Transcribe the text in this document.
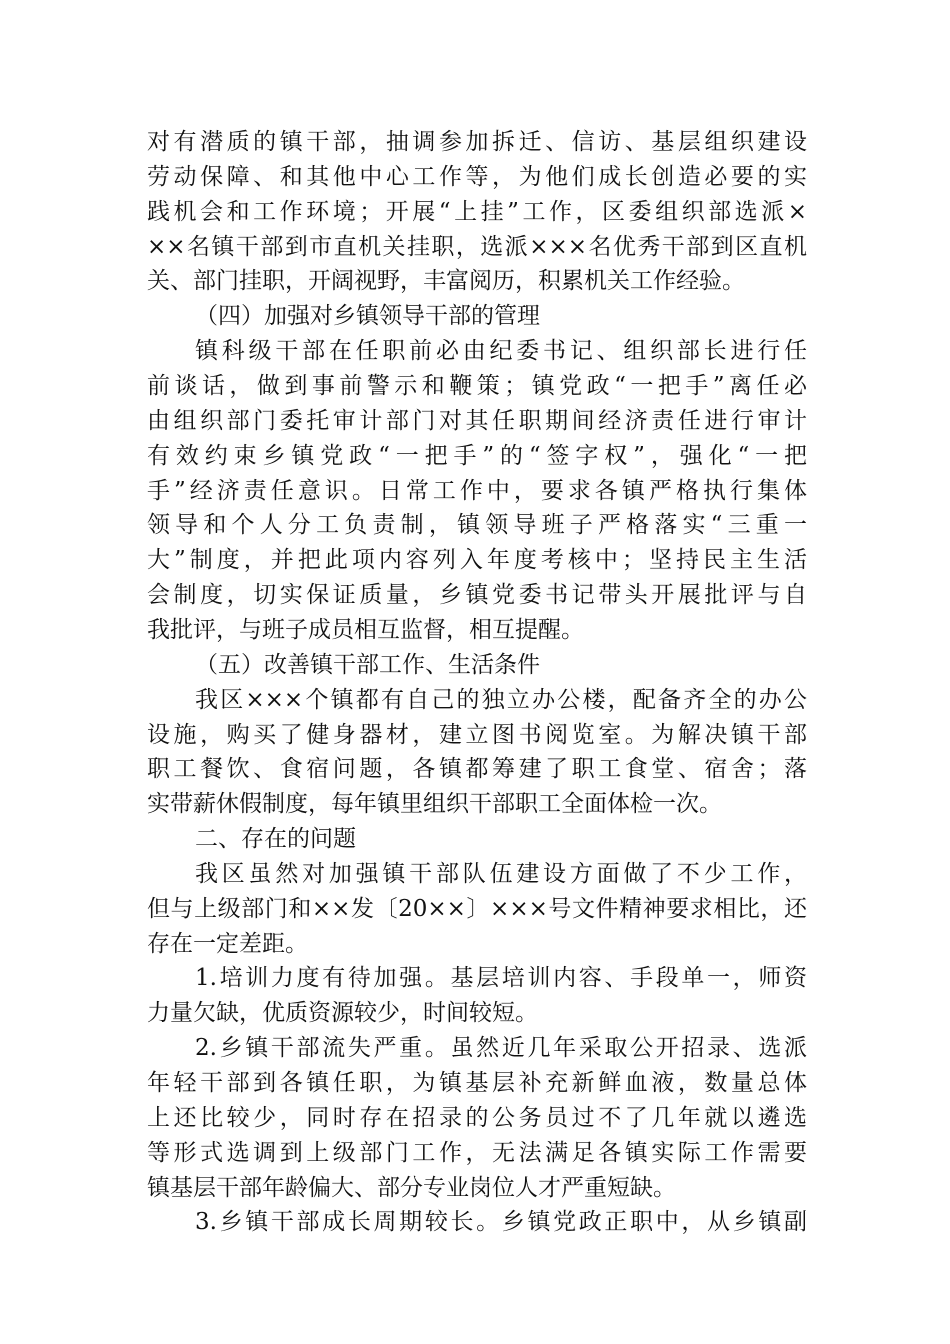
对有潜质的镇干部，抽调参加拆迁、信访、基层组织建设
劳动保障、和其他中心工作等，为他们成长创造必要的实
践机会和工作环境；开展“上挂”工作，区委组织部选派×
××名镇干部到市直机关挂职，选派×××名优秀干部到区直机
关、部门挂职，开阔视野，丰富阅历，积累机关工作经验。
（四）加强对乡镇领导干部的管理
镇科级干部在任职前必由纪委书记、组织部长进行任
前谈话，做到事前警示和鞭策；镇党政“一把手”离任必
由组织部门委托审计部门对其任职期间经济责任进行审计
有效约束乡镇党政“一把手”的“签字权”，强化“一把
手”经济责任意识。日常工作中，要求各镇严格执行集体
领导和个人分工负责制，镇领导班子严格落实“三重一
大”制度，并把此项内容列入年度考核中；坚持民主生活
会制度，切实保证质量，乡镇党委书记带头开展批评与自
我批评，与班子成员相互监督，相互提醒。
（五）改善镇干部工作、生活条件
我区×××个镇都有自己的独立办公楼，配备齐全的办公
设施，购买了健身器材，建立图书阅览室。为解决镇干部
职工餐饮、食宿问题，各镇都筹建了职工食堂、宿舍；落
实带薪休假制度，每年镇里组织干部职工全面体检一次。
二、存在的问题
我区虽然对加强镇干部队伍建设方面做了不少工作，
但与上级部门和××发〔20××〕×××号文件精神要求相比，还
存在一定差距。
1.培训力度有待加强。基层培训内容、手段单一，师资
力量欠缺，优质资源较少，时间较短。
2.乡镇干部流失严重。虽然近几年采取公开招录、选派
年轻干部到各镇任职，为镇基层补充新鲜血液，数量总体
上还比较少，同时存在招录的公务员过不了几年就以遴选
等形式选调到上级部门工作，无法满足各镇实际工作需要
镇基层干部年龄偏大、部分专业岗位人才严重短缺。
3.乡镇干部成长周期较长。乡镇党政正职中，从乡镇副
